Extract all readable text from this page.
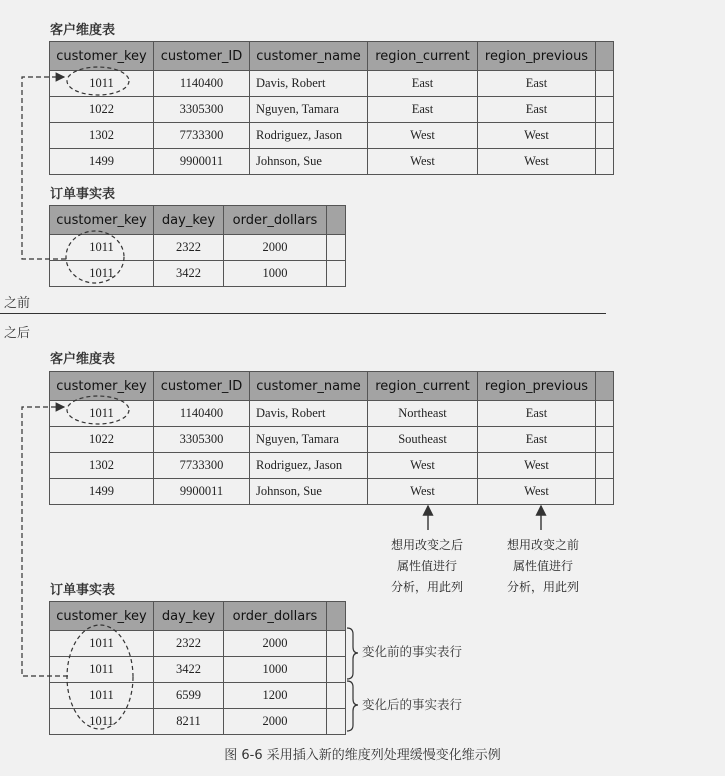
客户维度表
customer_key	customer_ID	customer_name	region_current	region_previous	
1011	1140400	Davis, Robert	East	East	
1022	3305300	Nguyen, Tamara	East	East	
1302	7733300	Rodriguez, Jason	West	West	
1499	9900011	Johnson, Sue	West	West	
订单事实表
customer_key	day_key	order_dollars	
1011	2322	2000	
1011	3422	1000	
之前
之后
客户维度表
customer_key	customer_ID	customer_name	region_current	region_previous	
1011	1140400	Davis, Robert	Northeast	East	
1022	3305300	Nguyen, Tamara	Southeast	East	
1302	7733300	Rodriguez, Jason	West	West	
1499	9900011	Johnson, Sue	West	West	
想用改变之后
属性值进行
分析，用此列
想用改变之前
属性值进行
分析，用此列
订单事实表
customer_key	day_key	order_dollars	
1011	2322	2000	
1011	3422	1000	
1011	6599	1200	
1011	8211	2000	
变化前的事实表行
变化后的事实表行
图 6-6 采用插入新的维度列处理缓慢变化维示例
